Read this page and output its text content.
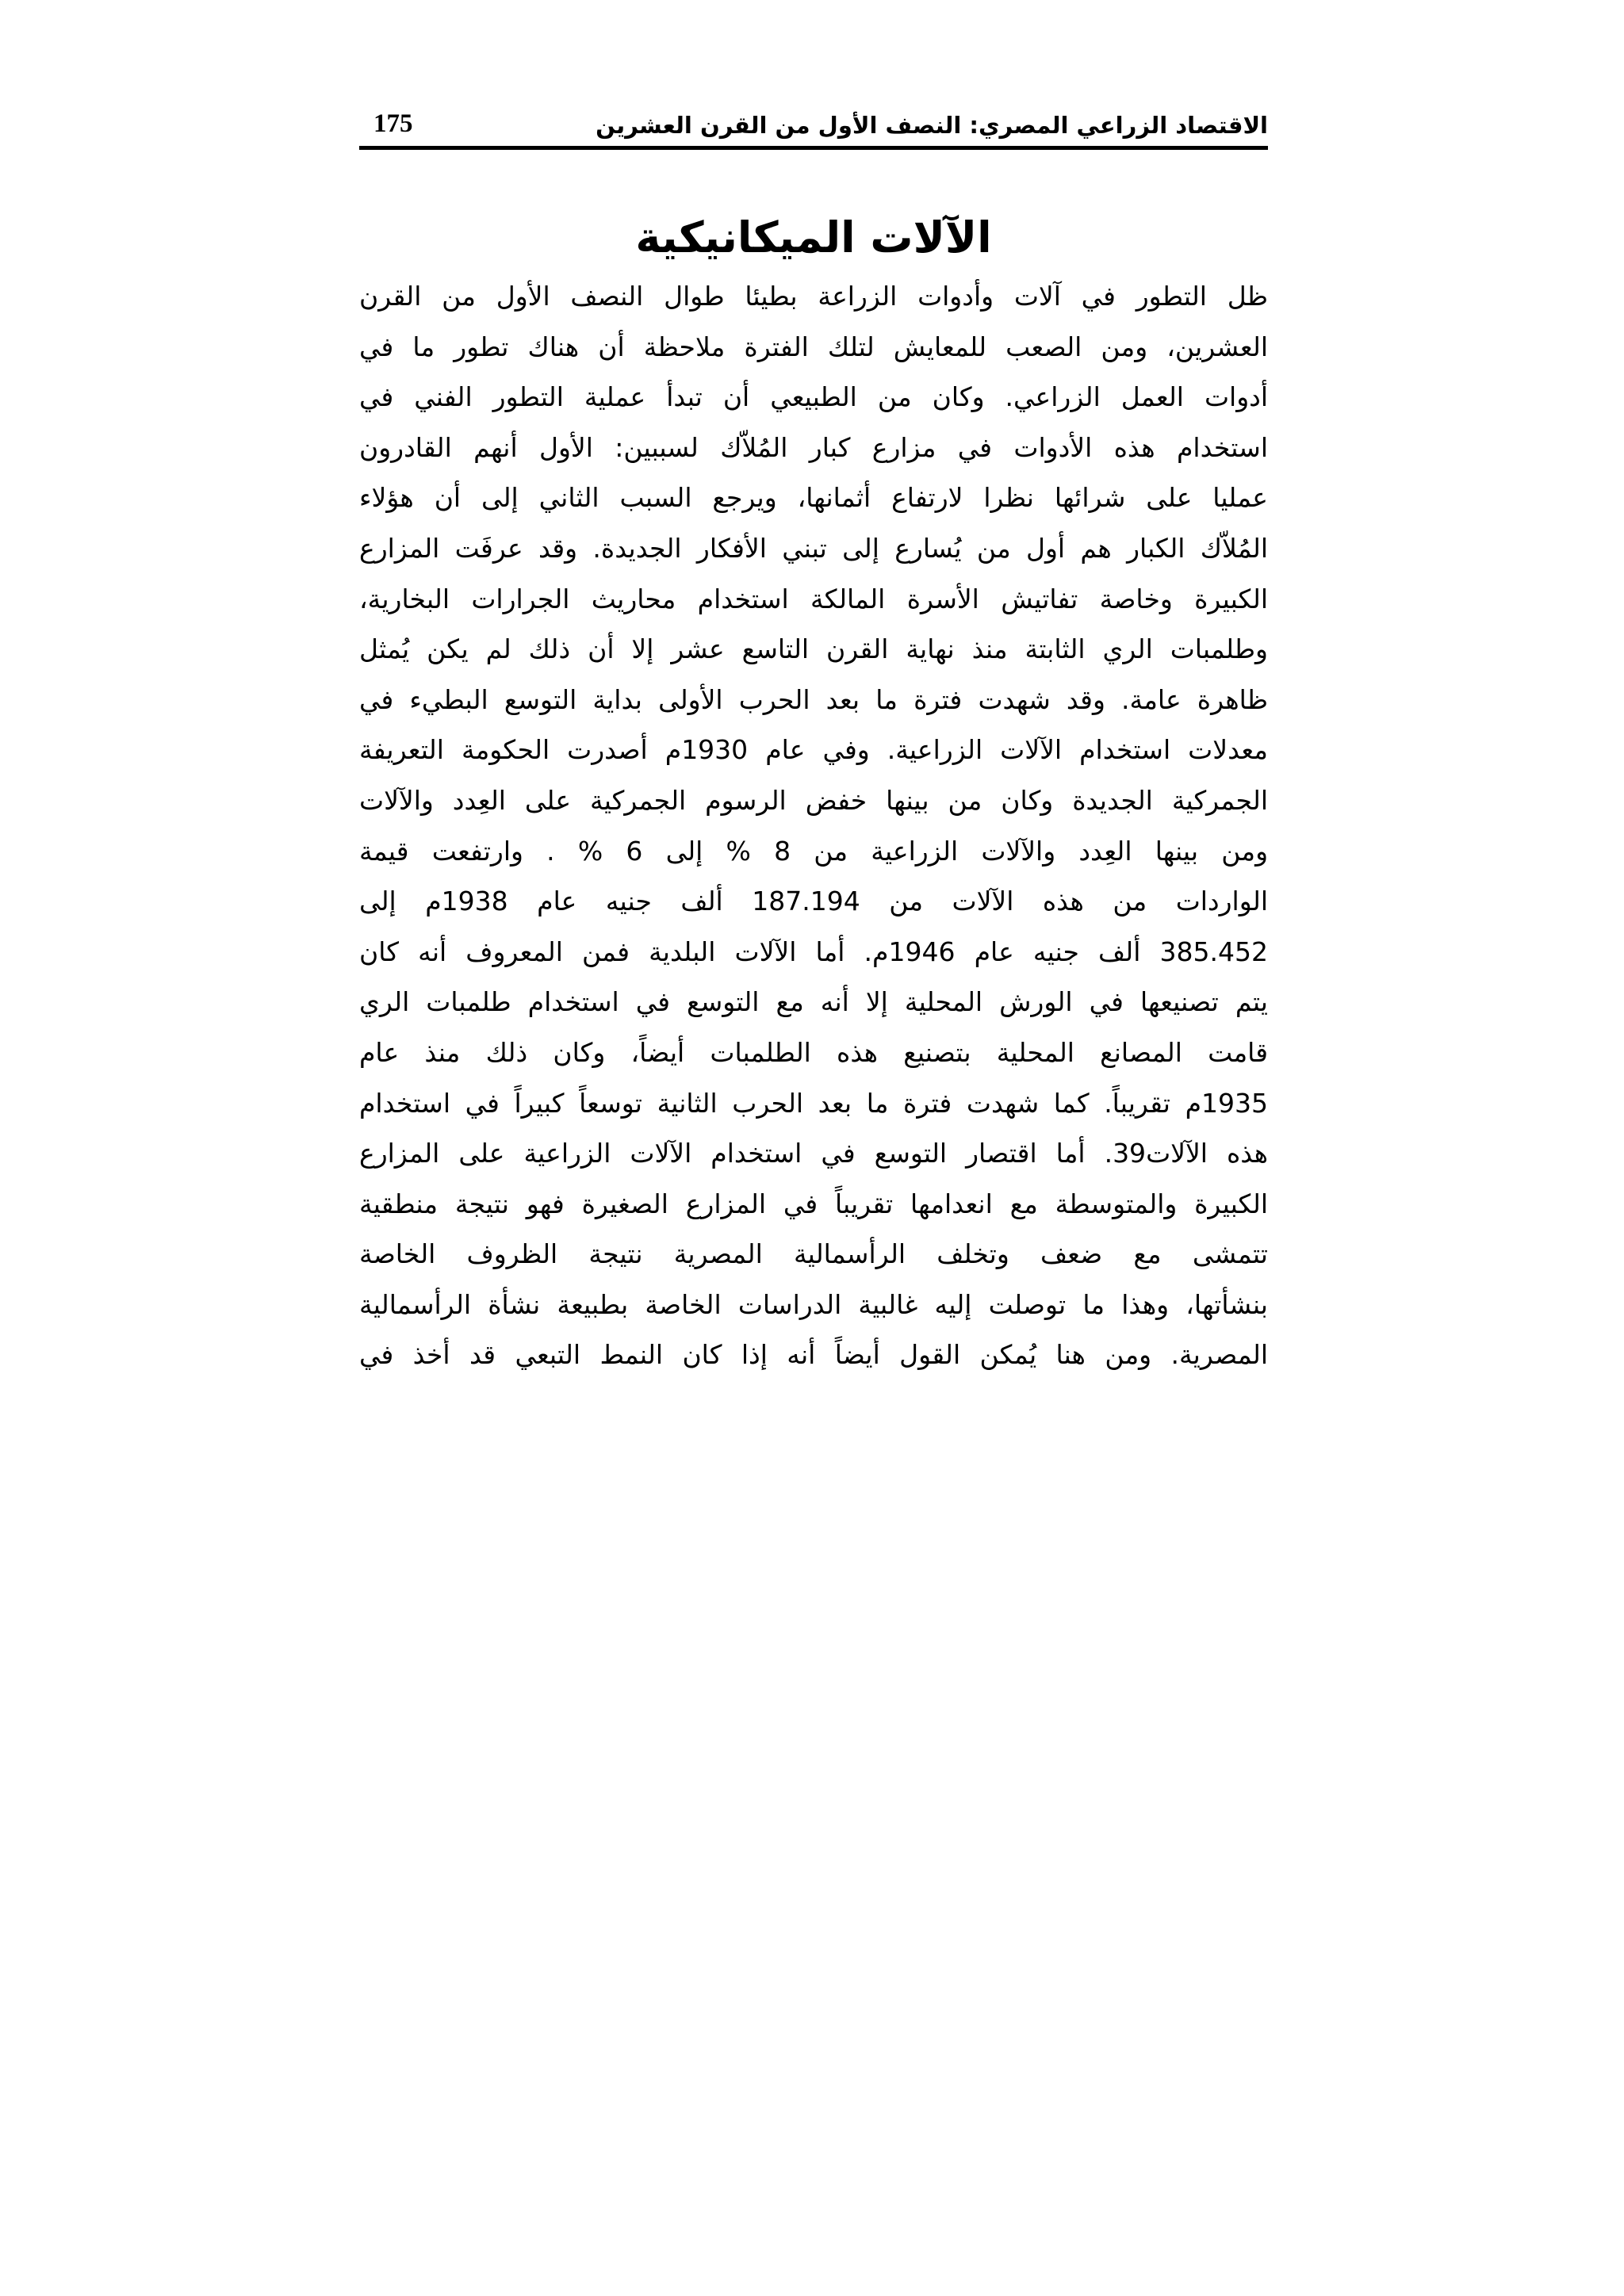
الاقتصاد الزراعي المصري: النصف الأول من القرن العشرين
175
الآلات الميكانيكية
ظل التطور في آلات وأدوات الزراعة بطيئا طوال النصف الأول من القرن
العشرين، ومن الصعب للمعايش لتلك الفترة ملاحظة أن هناك تطور ما في
أدوات العمل الزراعي. وكان من الطبيعي أن تبدأ عملية التطور الفني في
استخدام هذه الأدوات في مزارع كبار المُلاّك لسببين: الأول أنهم القادرون
عمليا على شرائها نظرا لارتفاع أثمانها، ويرجع السبب الثاني إلى أن هؤلاء
المُلاّك الكبار هم أول من يُسارع إلى تبني الأفكار الجديدة. وقد عرفَت المزارع
الكبيرة وخاصة تفاتيش الأسرة المالكة استخدام محاريث الجرارات البخارية،
وطلمبات الري الثابتة منذ نهاية القرن التاسع عشر إلا أن ذلك لم يكن يُمثل
ظاهرة عامة. وقد شهدت فترة ما بعد الحرب الأولى بداية التوسع البطيء في
معدلات استخدام الآلات الزراعية. وفي عام 1930م أصدرت الحكومة التعريفة
الجمركية الجديدة وكان من بينها خفض الرسوم الجمركية على العِدد والآلات
ومن بينها العِدد والآلات الزراعية من 8 % إلى 6 % . وارتفعت قيمة
الواردات من هذه الآلات من 187.194 ألف جنيه عام 1938م إلى
385.452 ألف جنيه عام 1946م. أما الآلات البلدية فمن المعروف أنه كان
يتم تصنيعها في الورش المحلية إلا أنه مع التوسع في استخدام طلمبات الري
قامت المصانع المحلية بتصنيع هذه الطلمبات أيضاً، وكان ذلك منذ عام
1935م تقريباً. كما شهدت فترة ما بعد الحرب الثانية توسعاً كبيراً في استخدام
هذه الآلات39. أما اقتصار التوسع في استخدام الآلات الزراعية على المزارع
الكبيرة والمتوسطة مع انعدامها تقريباً في المزارع الصغيرة فهو نتيجة منطقية
تتمشى مع ضعف وتخلف الرأسمالية المصرية نتيجة الظروف الخاصة
بنشأتها، وهذا ما توصلت إليه غالبية الدراسات الخاصة بطبيعة نشأة الرأسمالية
المصرية. ومن هنا يُمكن القول أيضاً أنه إذا كان النمط التبعي قد أخذ في
